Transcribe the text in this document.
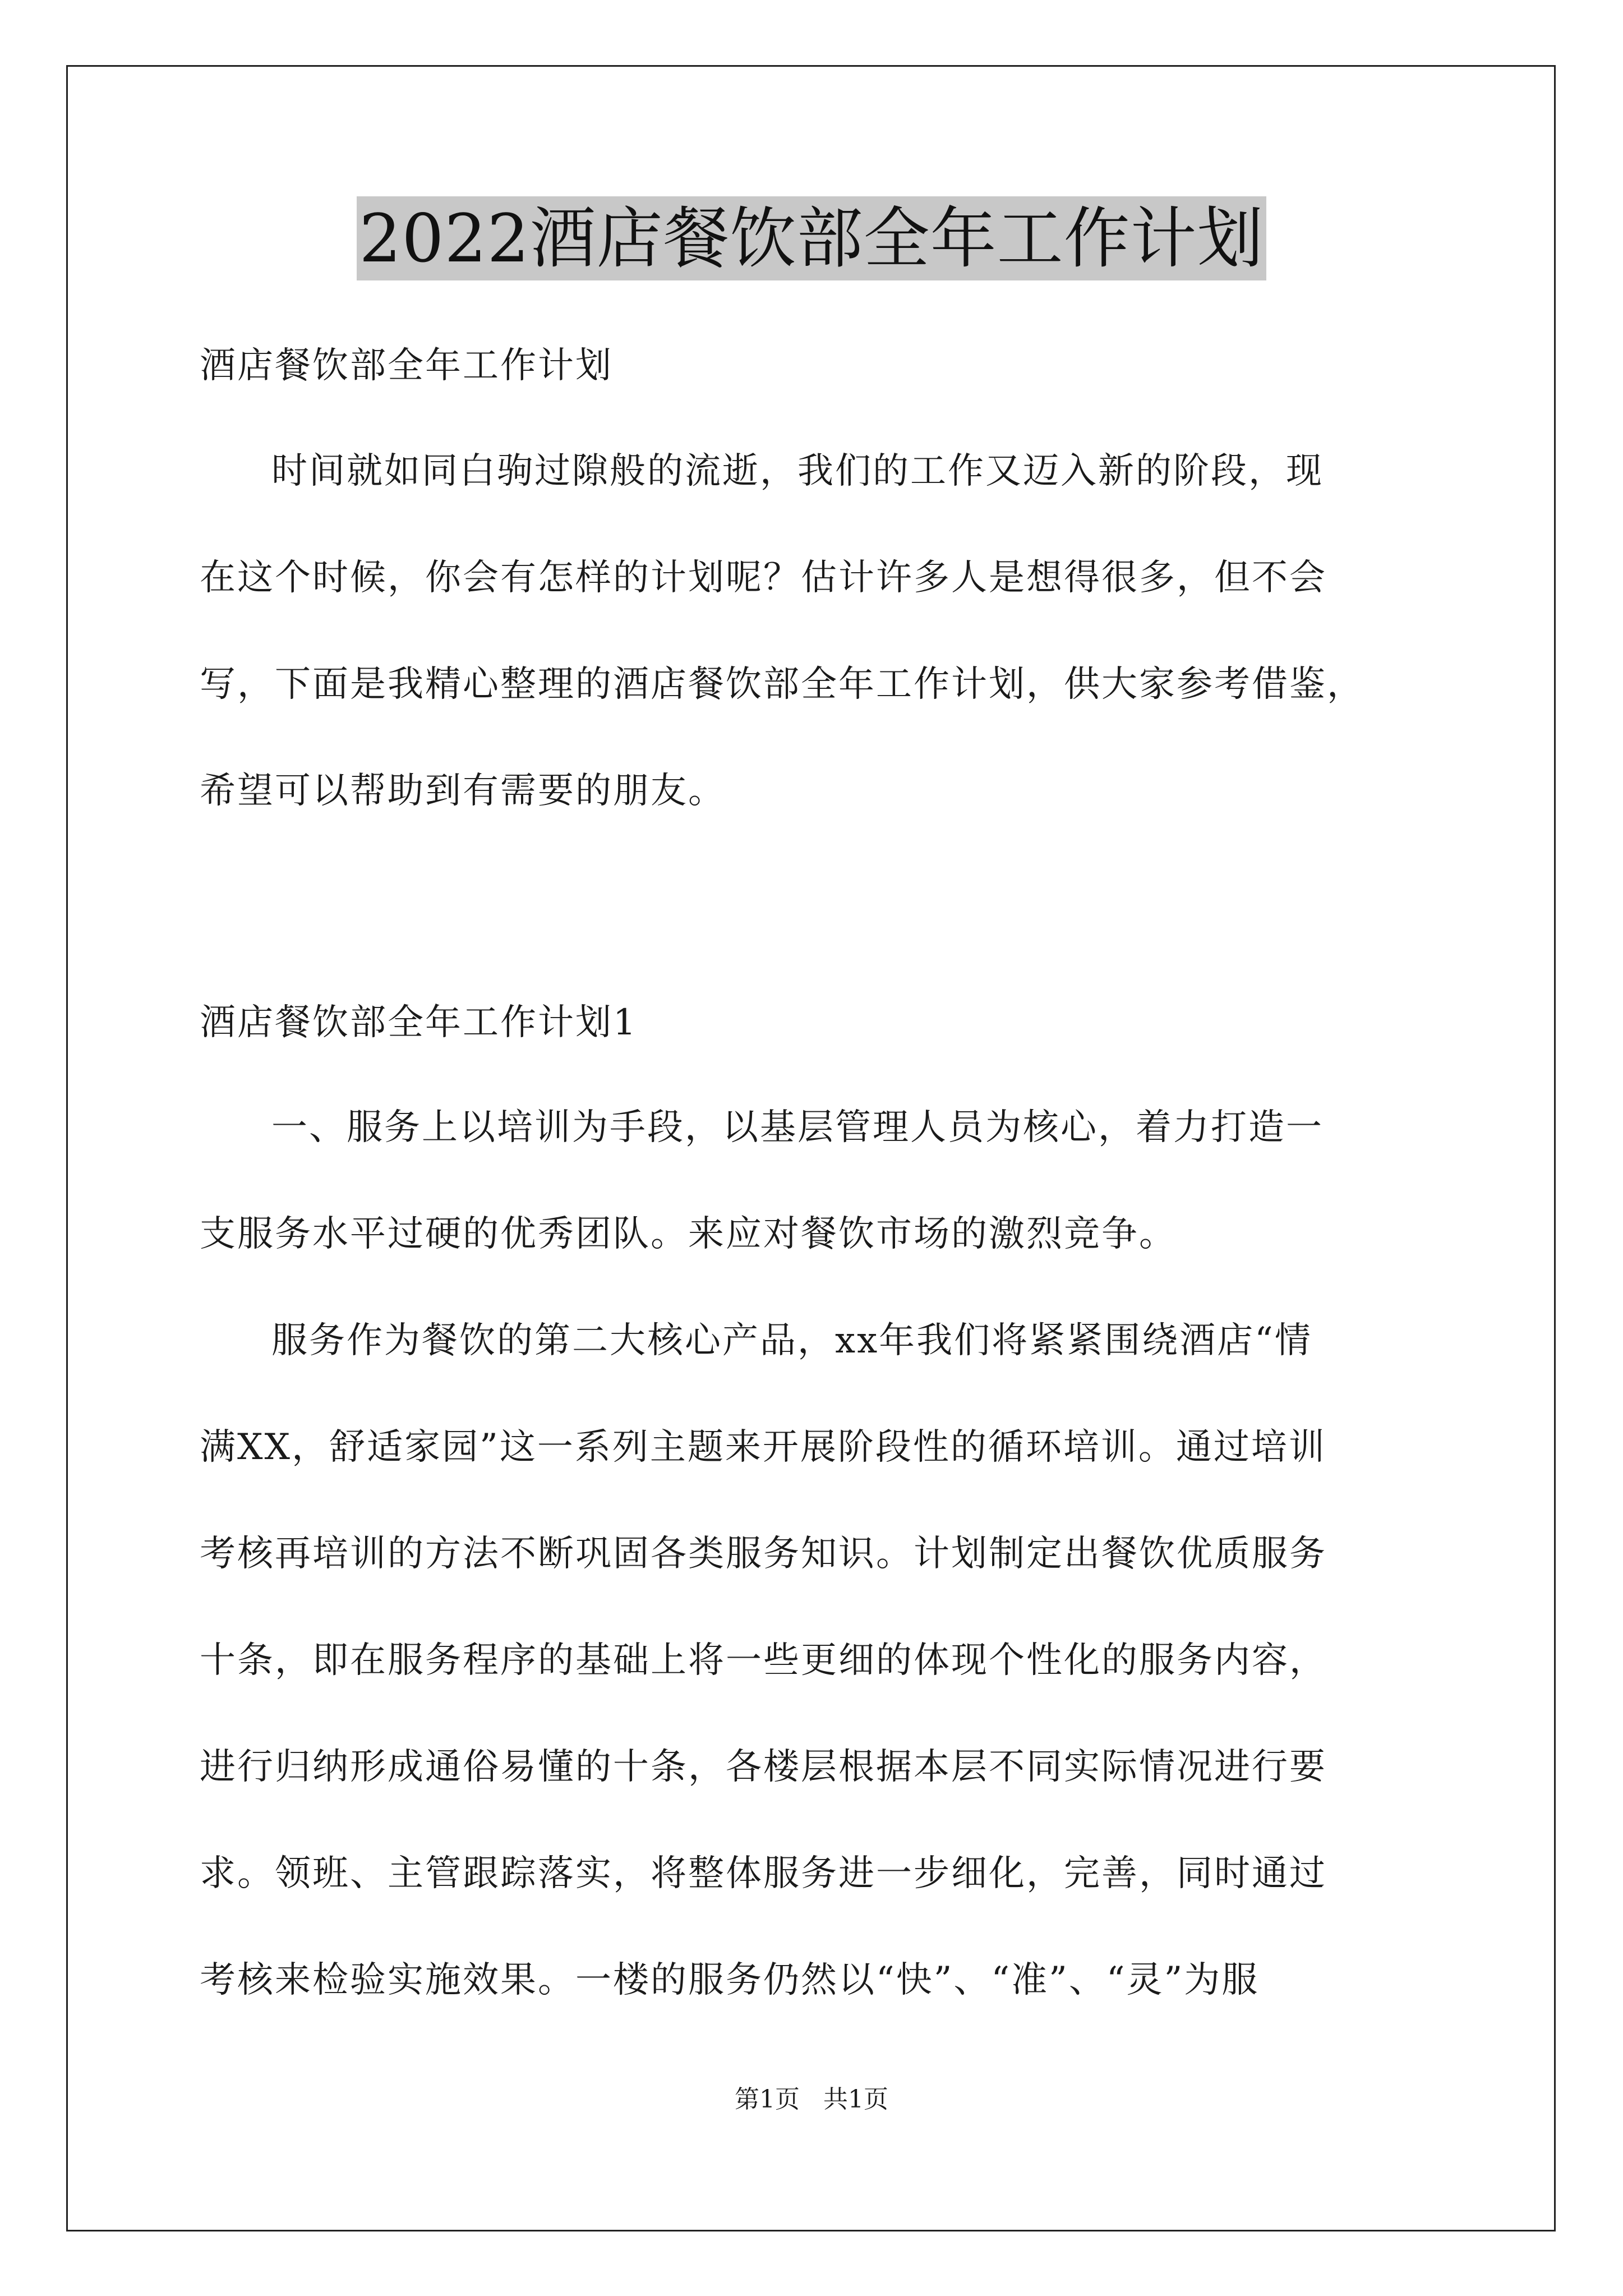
2022酒店餐饮部全年工作计划
酒店餐饮部全年工作计划
时间就如同白驹过隙般的流逝，我们的工作又迈入新的阶段，现
在这个时候，你会有怎样的计划呢？估计许多人是想得很多，但不会
写，下面是我精心整理的酒店餐饮部全年工作计划，供大家参考借鉴，
希望可以帮助到有需要的朋友。
酒店餐饮部全年工作计划1
一、服务上以培训为手段，以基层管理人员为核心，着力打造一
支服务水平过硬的优秀团队。来应对餐饮市场的激烈竞争。
服务作为餐饮的第二大核心产品，xx年我们将紧紧围绕酒店“情
满XX，舒适家园”这一系列主题来开展阶段性的循环培训。通过培训
考核再培训的方法不断巩固各类服务知识。计划制定出餐饮优质服务
十条，即在服务程序的基础上将一些更细的体现个性化的服务内容，
进行归纳形成通俗易懂的十条，各楼层根据本层不同实际情况进行要
求。领班、主管跟踪落实，将整体服务进一步细化，完善，同时通过
考核来检验实施效果。一楼的服务仍然以“快”、“准”、“灵”为服
第1页 共1页
